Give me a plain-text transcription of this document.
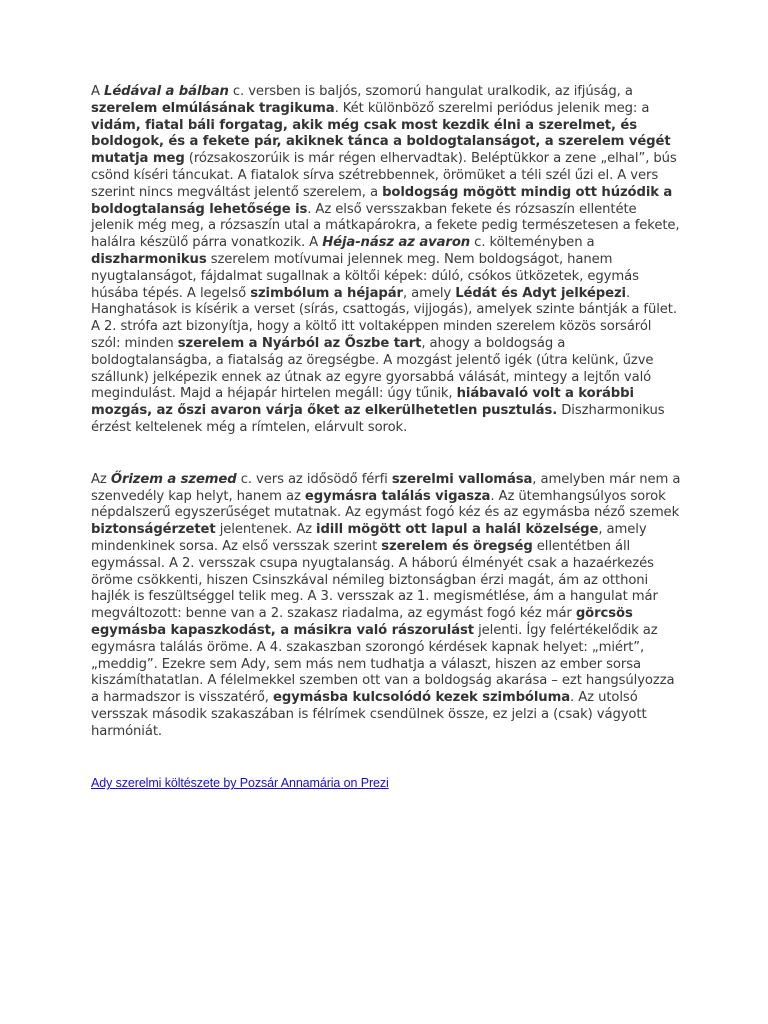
A Lédával a bálban c. versben is baljós, szomorú hangulat uralkodik, az ifjúság, a szerelem elmúlásának tragikuma. Két különböző szerelmi periódus jelenik meg: a vidám, fiatal báli forgatag, akik még csak most kezdik élni a szerelmet, és boldogok, és a fekete pár, akiknek tánca a boldogtalanságot, a szerelem végét mutatja meg (rózsakoszorúik is már régen elhervadtak). Beléptükkor a zene „elhal”, bús csönd kíséri táncukat. A fiatalok sírva szétrebbennek, örömüket a téli szél űzi el. A vers szerint nincs megváltást jelentő szerelem, a boldogság mögött mindig ott húzódik a boldogtalanság lehetősége is. Az első versszakban fekete és rózsaszín ellentéte jelenik még meg, a rózsaszín utal a mátkapárokra, a fekete pedig természetesen a fekete, halálra készülő párra vonatkozik. A Héja-nász az avaron c. költeményben a diszharmonikus szerelem motívumai jelennek meg. Nem boldogságot, hanem nyugtalanságot, fájdalmat sugallnak a költői képek: dúló, csókos ütközetek, egymás húsába tépés. A legelső szimbólum a héjapár, amely Lédát és Adyt jelképezi. Hanghatások is kísérik a verset (sírás, csattogás, vijjogás), amelyek szinte bántják a fület. A 2. strófa azt bizonyítja, hogy a költő itt voltaképpen minden szerelem közös sorsáról szól: minden szerelem a Nyárból az Őszbe tart, ahogy a boldogság a boldogtalanságba, a fiatalság az öregségbe. A mozgást jelentő igék (útra kelünk, űzve szállunk) jelképezik ennek az útnak az egyre gyorsabbá válását, mintegy a lejtőn való megindulást. Majd a héjapár hirtelen megáll: úgy tűnik, hiábavaló volt a korábbi mozgás, az őszi avaron várja őket az elkerülhetetlen pusztulás. Diszharmonikus érzést keltelenek még a rímtelen, elárvult sorok.

Az Őrizem a szemed c. vers az idősödő férfi szerelmi vallomása, amelyben már nem a szenvedély kap helyt, hanem az egymásra találás vigasza. Az ütemhangsúlyos sorok népdalszerű egyszerűséget mutatnak. Az egymást fogó kéz és az egymásba néző szemek biztonságérzetet jelentenek. Az idill mögött ott lapul a halál közelsége, amely mindenkinek sorsa. Az első versszak szerint szerelem és öregség ellentétben áll egymással. A 2. versszak csupa nyugtalanság. A háború élményét csak a hazaérkezés öröme csökkenti, hiszen Csinszkával némileg biztonságban érzi magát, ám az otthoni hajlék is feszültséggel telik meg. A 3. versszak az 1. megismétlése, ám a hangulat már megváltozott: benne van a 2. szakasz riadalma, az egymást fogó kéz már görcsös egymásba kapaszkodást, a másikra való rászorulást jelenti. Így felértékelődik az egymásra találás öröme. A 4. szakaszban szorongó kérdések kapnak helyet: „miért”, „meddig”. Ezekre sem Ady, sem más nem tudhatja a választ, hiszen az ember sorsa kiszámíthatatlan. A félelmekkel szemben ott van a boldogság akarása – ezt hangsúlyozza a harmadszor is visszatérő, egymásba kulcsolódó kezek szimbóluma. Az utolsó versszak második szakaszában is félrímek csendülnek össze, ez jelzi a (csak) vágyott harmóniát.

Ady szerelmi költészete by Pozsár Annamária on Prezi
